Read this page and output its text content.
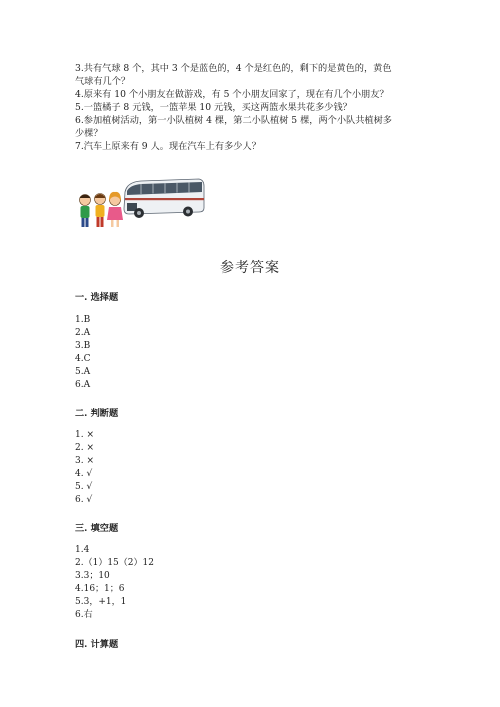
3.共有气球 8 个，其中 3 个是蓝色的，4 个是红色的，剩下的是黄色的，黄色
气球有几个？
4.原来有 10 个小朋友在做游戏，有 5 个小朋友回家了，现在有几个小朋友？
5.一篮橘子 8 元钱，一篮苹果 10 元钱，买这两篮水果共花多少钱？
6.参加植树活动，第一小队植树 4 棵，第二小队植树 5 棵，两个小队共植树多
少棵？
7.汽车上原来有 9 人。现在汽车上有多少人？
参考答案
一. 选择题
1.B
2.A
3.B
4.C
5.A
6.A
二. 判断题
1. ×
2. ×
3. ×
4. √
5. √
6. √
三. 填空题
1.4
2.（1）15（2）12
3.3；10
4.16；1；6
5.3，+1，1
6.右
四. 计算题
